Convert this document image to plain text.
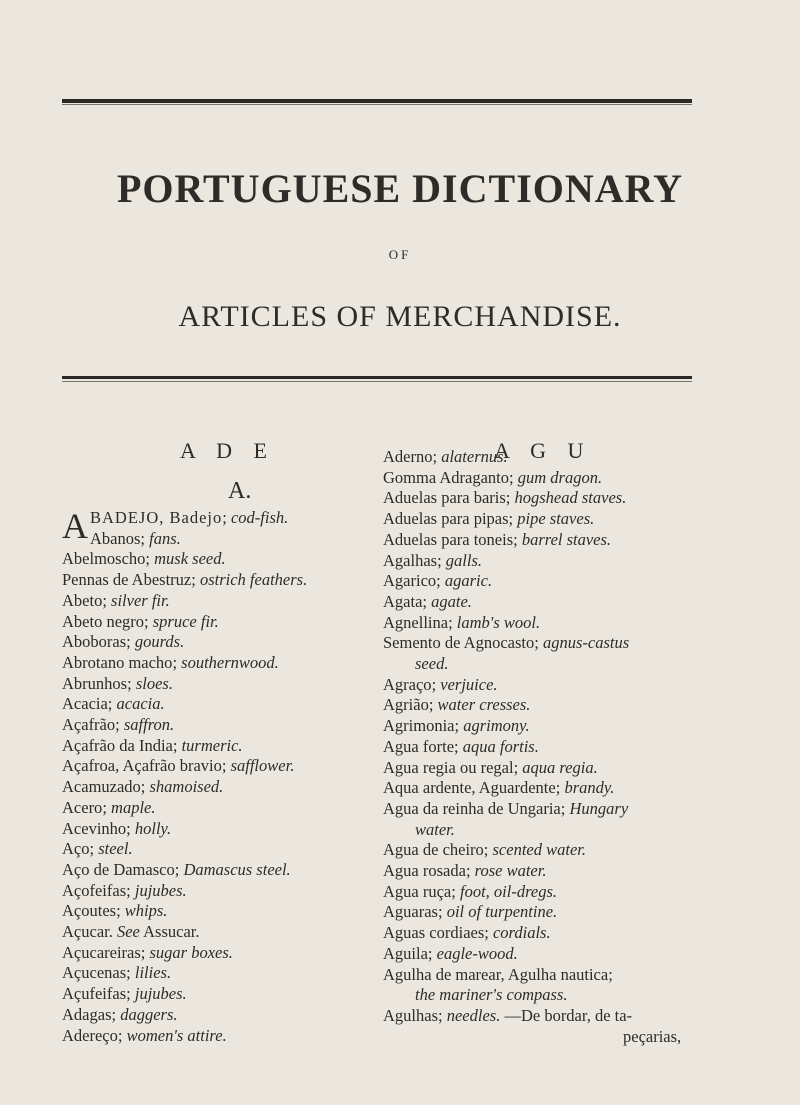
PORTUGUESE DICTIONARY
OF
ARTICLES OF MERCHANDISE.
A D E	A G U
A.
ABADEJO, Badejo; cod-fish.
Abanos; fans.
Abelmoscho; musk seed.
Pennas de Abestruz; ostrich feathers.
Abeto; silver fir.
Abeto negro; spruce fir.
Aboboras; gourds.
Abrotano macho; southernwood.
Abrunhos; sloes.
Acacia; acacia.
Açafrão; saffron.
Açafrão da India; turmeric.
Açafroa, Açafrão bravio; safflower.
Acamuzado; shamoised.
Acero; maple.
Acevinho; holly.
Aço; steel.
Aço de Damasco; Damascus steel.
Açofeifas; jujubes.
Açoutes; whips.
Açucar. See Assucar.
Açucareiras; sugar boxes.
Açucenas; lilies.
Açufeifas; jujubes.
Adagas; daggers.
Adereço; women's attire.
Aderno; alaternus.
Gomma Adraganto; gum dragon.
Aduelas para baris; hogshead staves.
Aduelas para pipas; pipe staves.
Aduelas para toneis; barrel staves.
Agalhas; galls.
Agarico; agaric.
Agata; agate.
Agnellina; lamb's wool.
Semento de Agnocasto; agnus-castus
seed.
Agraço; verjuice.
Agrião; water cresses.
Agrimonia; agrimony.
Agua forte; aqua fortis.
Agua regia ou regal; aqua regia.
Aqua ardente, Aguardente; brandy.
Agua da reinha de Ungaria; Hungary
water.
Agua de cheiro; scented water.
Agua rosada; rose water.
Agua ruça; foot, oil-dregs.
Aguaras; oil of turpentine.
Aguas cordiaes; cordials.
Aguila; eagle-wood.
Agulha de marear, Agulha nautica;
the mariner's compass.
Agulhas; needles. —De bordar, de ta-
peçarias,
